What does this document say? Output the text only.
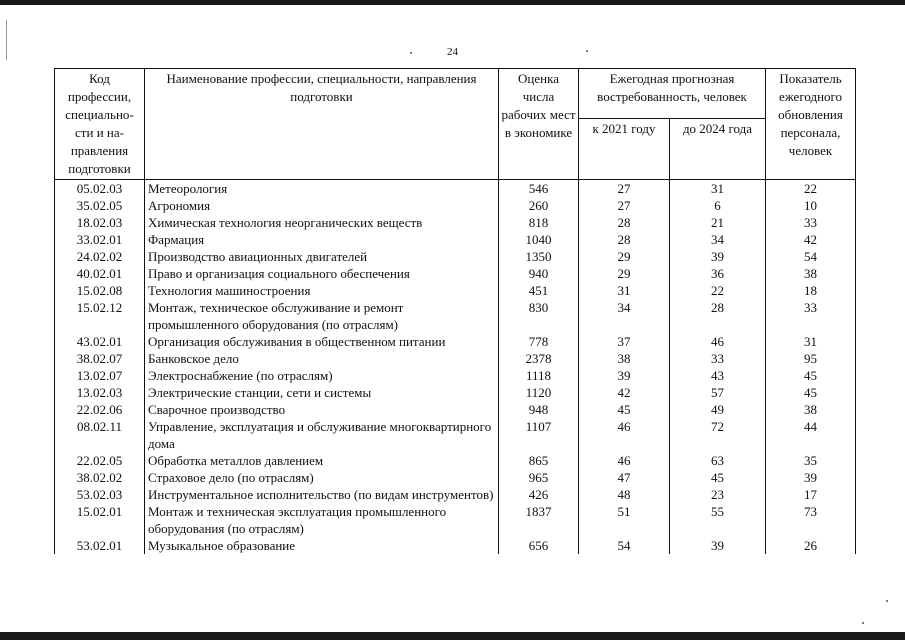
24
Код профессии, специально-сти и на-правления подготовки	Наименование профессии, специальности, направления подготовки	Оценка числа рабочих мест в экономике	Ежегодная прогнозная востребованность, человек		Показатель ежегодного обновления персонала, человек
			к 2021 году	до 2024 года	
05.02.03	Метеорология	546	27	31	22
35.02.05	Агрономия	260	27	6	10
18.02.03	Химическая технология неорганических веществ	818	28	21	33
33.02.01	Фармация	1040	28	34	42
24.02.02	Производство авиационных двигателей	1350	29	39	54
40.02.01	Право и организация социального обеспечения	940	29	36	38
15.02.08	Технология машиностроения	451	31	22	18
15.02.12	Монтаж, техническое обслуживание и ремонт промышленного оборудования (по отраслям)	830	34	28	33
43.02.01	Организация обслуживания в общественном питании	778	37	46	31
38.02.07	Банковское дело	2378	38	33	95
13.02.07	Электроснабжение (по отраслям)	1118	39	43	45
13.02.03	Электрические станции, сети и системы	1120	42	57	45
22.02.06	Сварочное производство	948	45	49	38
08.02.11	Управление, эксплуатация и обслуживание многоквартирного дома	1107	46	72	44
22.02.05	Обработка металлов давлением	865	46	63	35
38.02.02	Страховое дело (по отраслям)	965	47	45	39
53.02.03	Инструментальное исполнительство (по видам инструментов)	426	48	23	17
15.02.01	Монтаж и техническая эксплуатация промышленного оборудования (по отраслям)	1837	51	55	73
53.02.01	Музыкальное образование	656	54	39	26
